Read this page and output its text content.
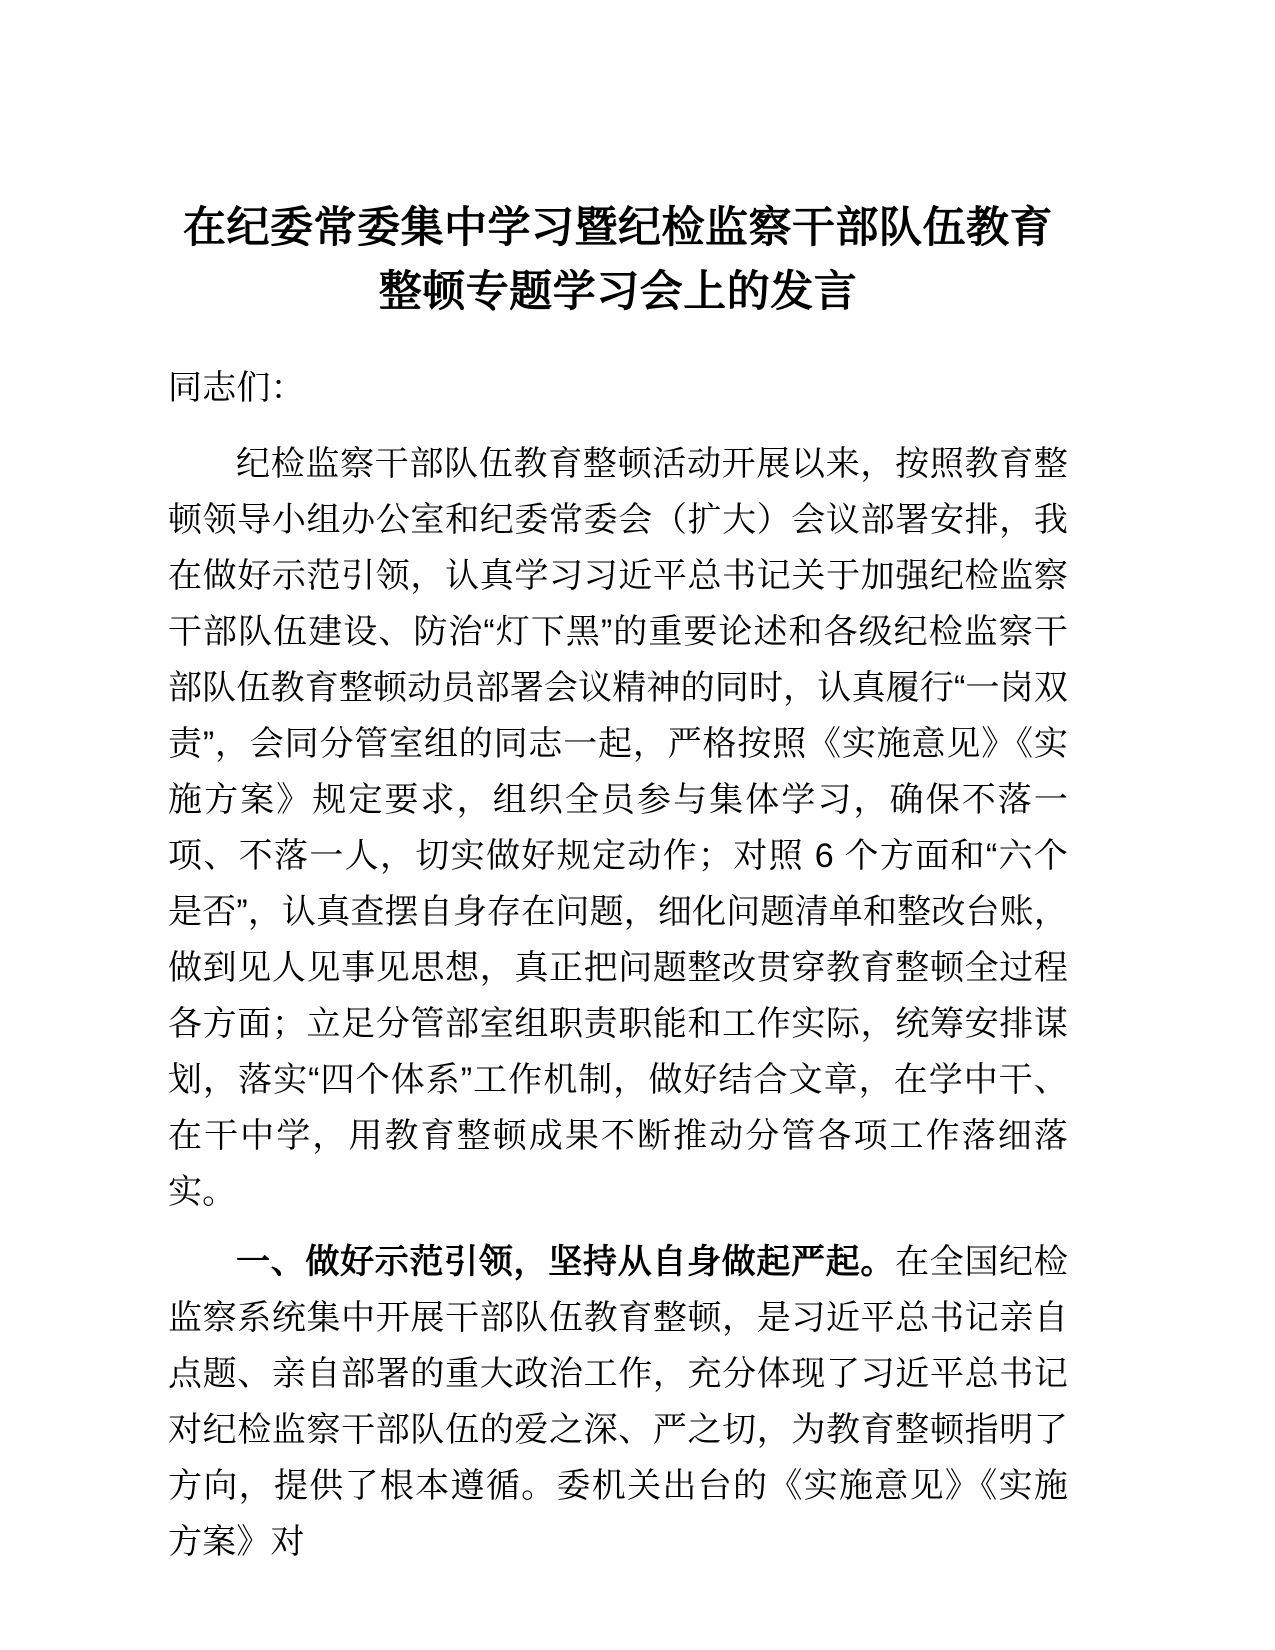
在纪委常委集中学习暨纪检监察干部队伍教育整顿专题学习会上的发言

同志们：

纪检监察干部队伍教育整顿活动开展以来，按照教育整顿领导小组办公室和纪委常委会（扩大）会议部署安排，我在做好示范引领，认真学习习近平总书记关于加强纪检监察干部队伍建设、防治“灯下黑”的重要论述和各级纪检监察干部队伍教育整顿动员部署会议精神的同时，认真履行“一岗双责”，会同分管室组的同志一起，严格按照《实施意见》《实施方案》规定要求，组织全员参与集体学习，确保不落一项、不落一人，切实做好规定动作；对照 6 个方面和“六个是否”，认真查摆自身存在问题，细化问题清单和整改台账，做到见人见事见思想，真正把问题整改贯穿教育整顿全过程各方面；立足分管部室组职责职能和工作实际，统筹安排谋划，落实“四个体系”工作机制，做好结合文章，在学中干、在干中学，用教育整顿成果不断推动分管各项工作落细落实。

一、做好示范引领，坚持从自身做起严起。在全国纪检监察系统集中开展干部队伍教育整顿，是习近平总书记亲自点题、亲自部署的重大政治工作，充分体现了习近平总书记对纪检监察干部队伍的爱之深、严之切，为教育整顿指明了方向，提供了根本遵循。委机关出台的《实施意见》《实施方案》对
